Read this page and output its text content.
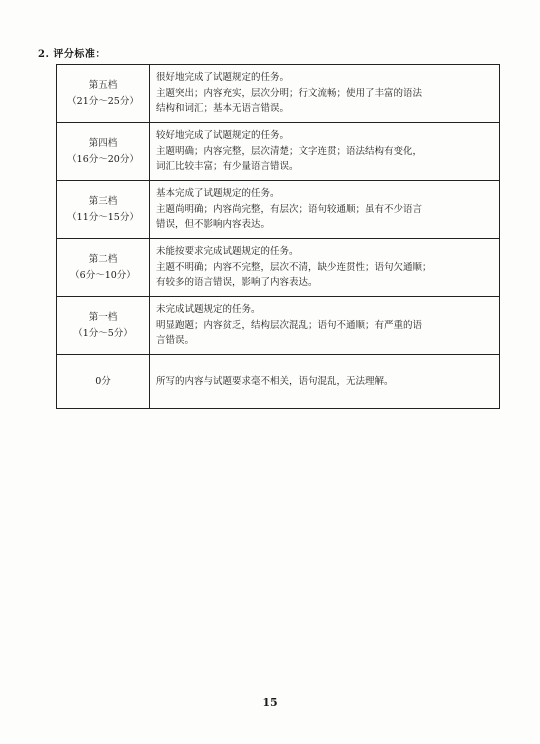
2. 评分标准：
第五档
（21分～25分）	很好地完成了试题规定的任务。
主题突出；内容充实，层次分明；行文流畅；使用了丰富的语法
结构和词汇；基本无语言错误。

第四档
（16分～20分）	较好地完成了试题规定的任务。
主题明确；内容完整，层次清楚；文字连贯；语法结构有变化，
词汇比较丰富；有少量语言错误。

第三档
（11分～15分）	基本完成了试题规定的任务。
主题尚明确；内容尚完整，有层次；语句较通顺；虽有不少语言
错误，但不影响内容表达。

第二档
（6分～10分）	未能按要求完成试题规定的任务。
主题不明确；内容不完整，层次不清，缺少连贯性；语句欠通顺；
有较多的语言错误，影响了内容表达。

第一档
（1分～5分）	未完成试题规定的任务。
明显跑题；内容贫乏，结构层次混乱；语句不通顺；有严重的语
言错误。

0分	所写的内容与试题要求毫不相关，语句混乱，无法理解。
15
